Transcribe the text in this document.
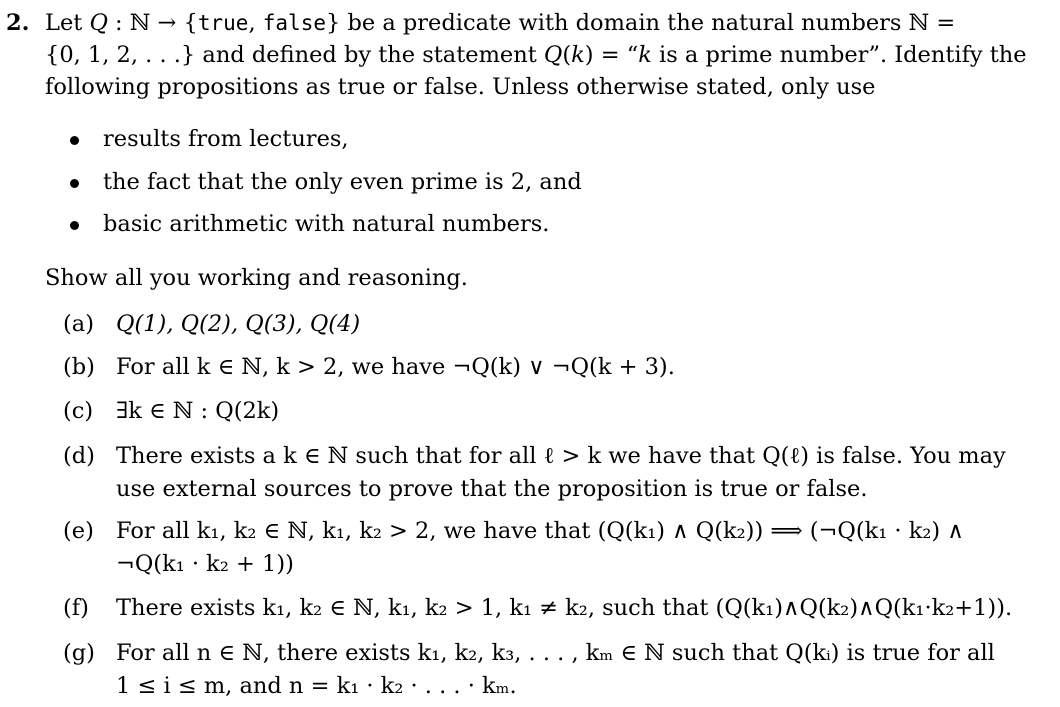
2. Let Q : ℕ → {true, false} be a predicate with domain the natural numbers ℕ =
{0, 1, 2, . . .} and defined by the statement Q(k) = “k is a prime number”. Identify the
following propositions as true or false. Unless otherwise stated, only use
results from lectures,
the fact that the only even prime is 2, and
basic arithmetic with natural numbers.
Show all you working and reasoning.
(a) Q(1), Q(2), Q(3), Q(4)
(b) For all k ∈ ℕ, k > 2, we have ¬Q(k) ∨ ¬Q(k + 3).
(c) ∃k ∈ ℕ : Q(2k)
(d) There exists a k ∈ ℕ such that for all ℓ > k we have that Q(ℓ) is false. You may
use external sources to prove that the proposition is true or false.
(e) For all k₁, k₂ ∈ ℕ, k₁, k₂ > 2, we have that (Q(k₁) ∧ Q(k₂)) ⟹ (¬Q(k₁ · k₂) ∧
¬Q(k₁ · k₂ + 1))
(f) There exists k₁, k₂ ∈ ℕ, k₁, k₂ > 1, k₁ ≠ k₂, such that (Q(k₁)∧Q(k₂)∧Q(k₁·k₂+1)).
(g) For all n ∈ ℕ, there exists k₁, k₂, k₃, . . . , kₘ ∈ ℕ such that Q(kᵢ) is true for all
1 ≤ i ≤ m, and n = k₁ · k₂ · . . . · kₘ.
